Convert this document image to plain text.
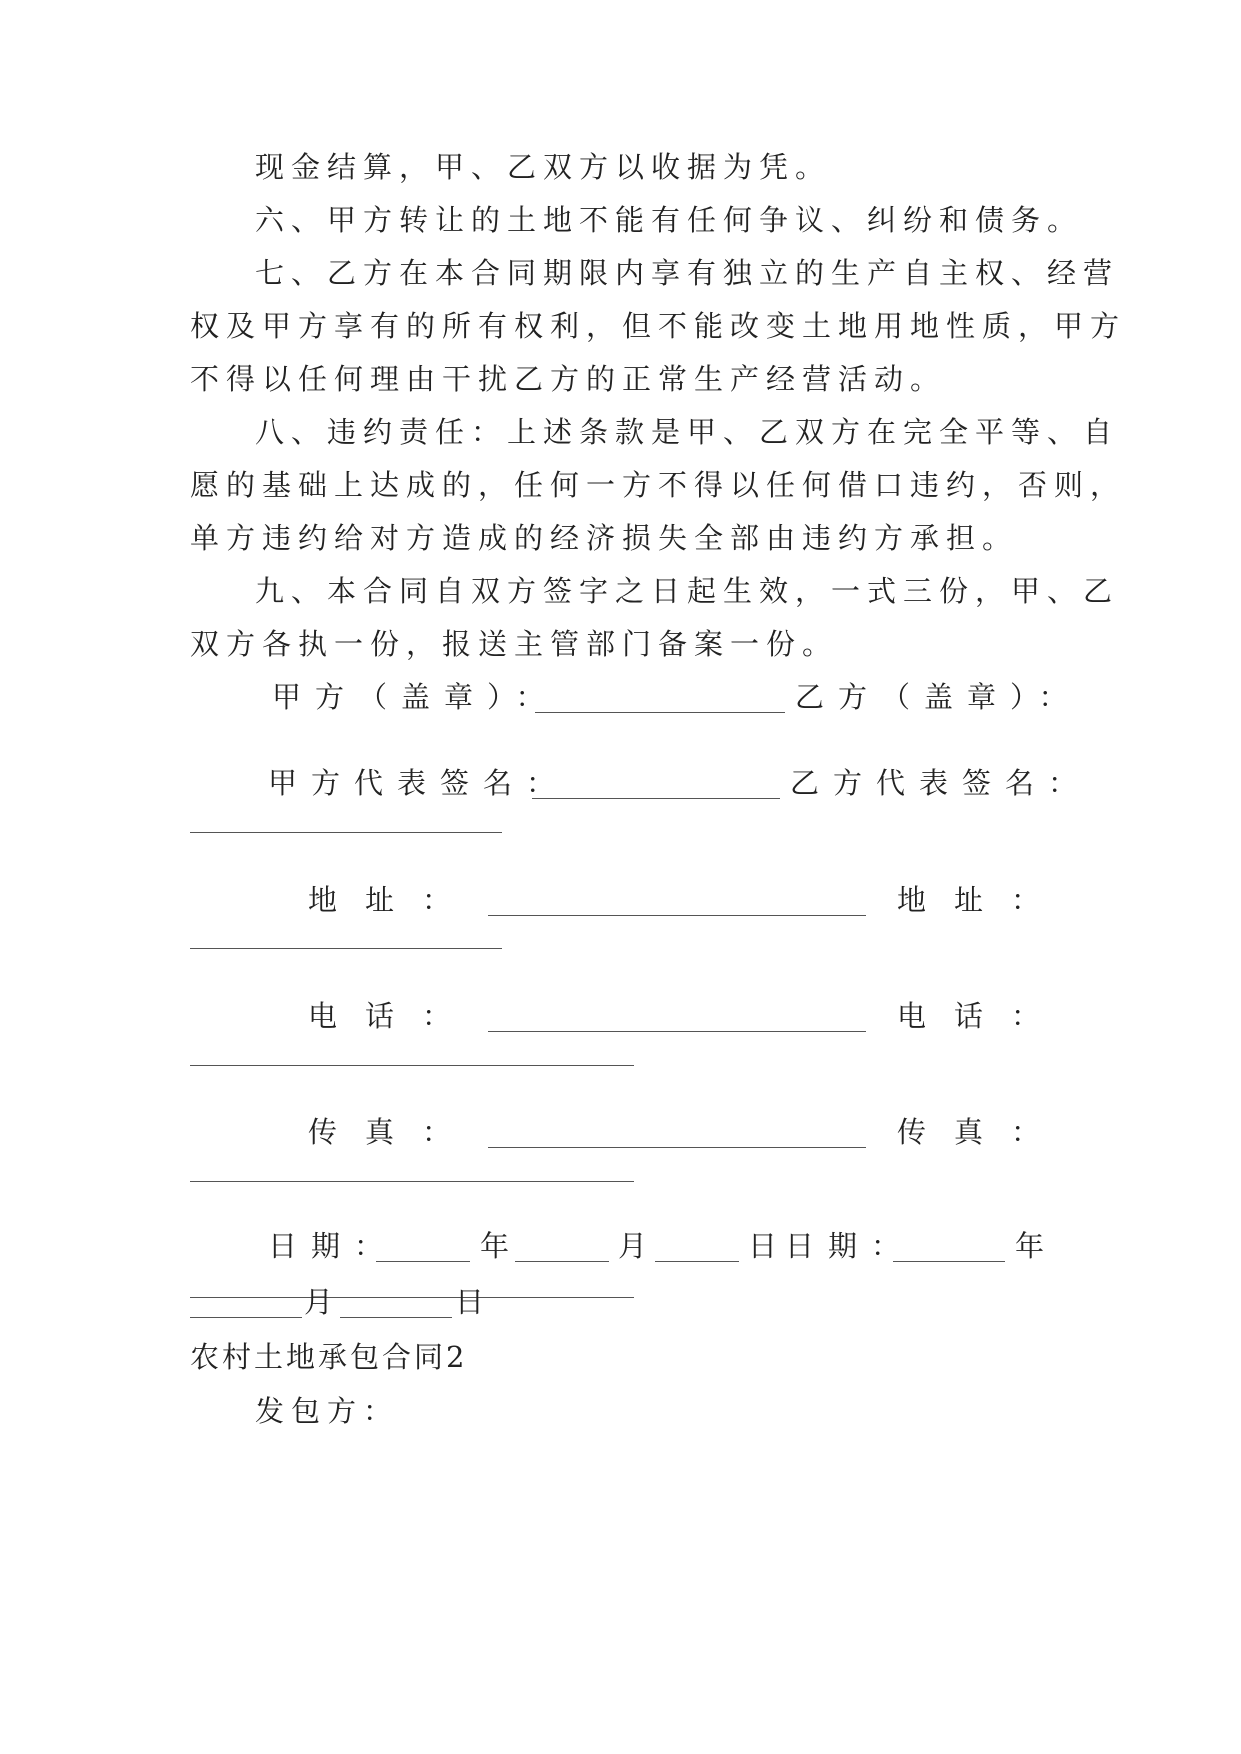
现金结算，甲、乙双方以收据为凭。
六、甲方转让的土地不能有任何争议、纠纷和债务。
七、乙方在本合同期限内享有独立的生产自主权、经营
权及甲方享有的所有权利，但不能改变土地用地性质，甲方
不得以任何理由干扰乙方的正常生产经营活动。
八、违约责任：上述条款是甲、乙双方在完全平等、自
愿的基础上达成的，任何一方不得以任何借口违约，否则，
单方违约给对方造成的经济损失全部由违约方承担。
九、本合同自双方签字之日起生效，一式三份，甲、乙
双方各执一份，报送主管部门备案一份。
甲方（盖章）：	乙方（盖章）：
甲方代表签名：	乙方代表签名：
地址：	地址：
电话：	电话：
传真：	传真：
日期：	年	月	日 日期：	年
月	日
农村土地承包合同2
发包方：
